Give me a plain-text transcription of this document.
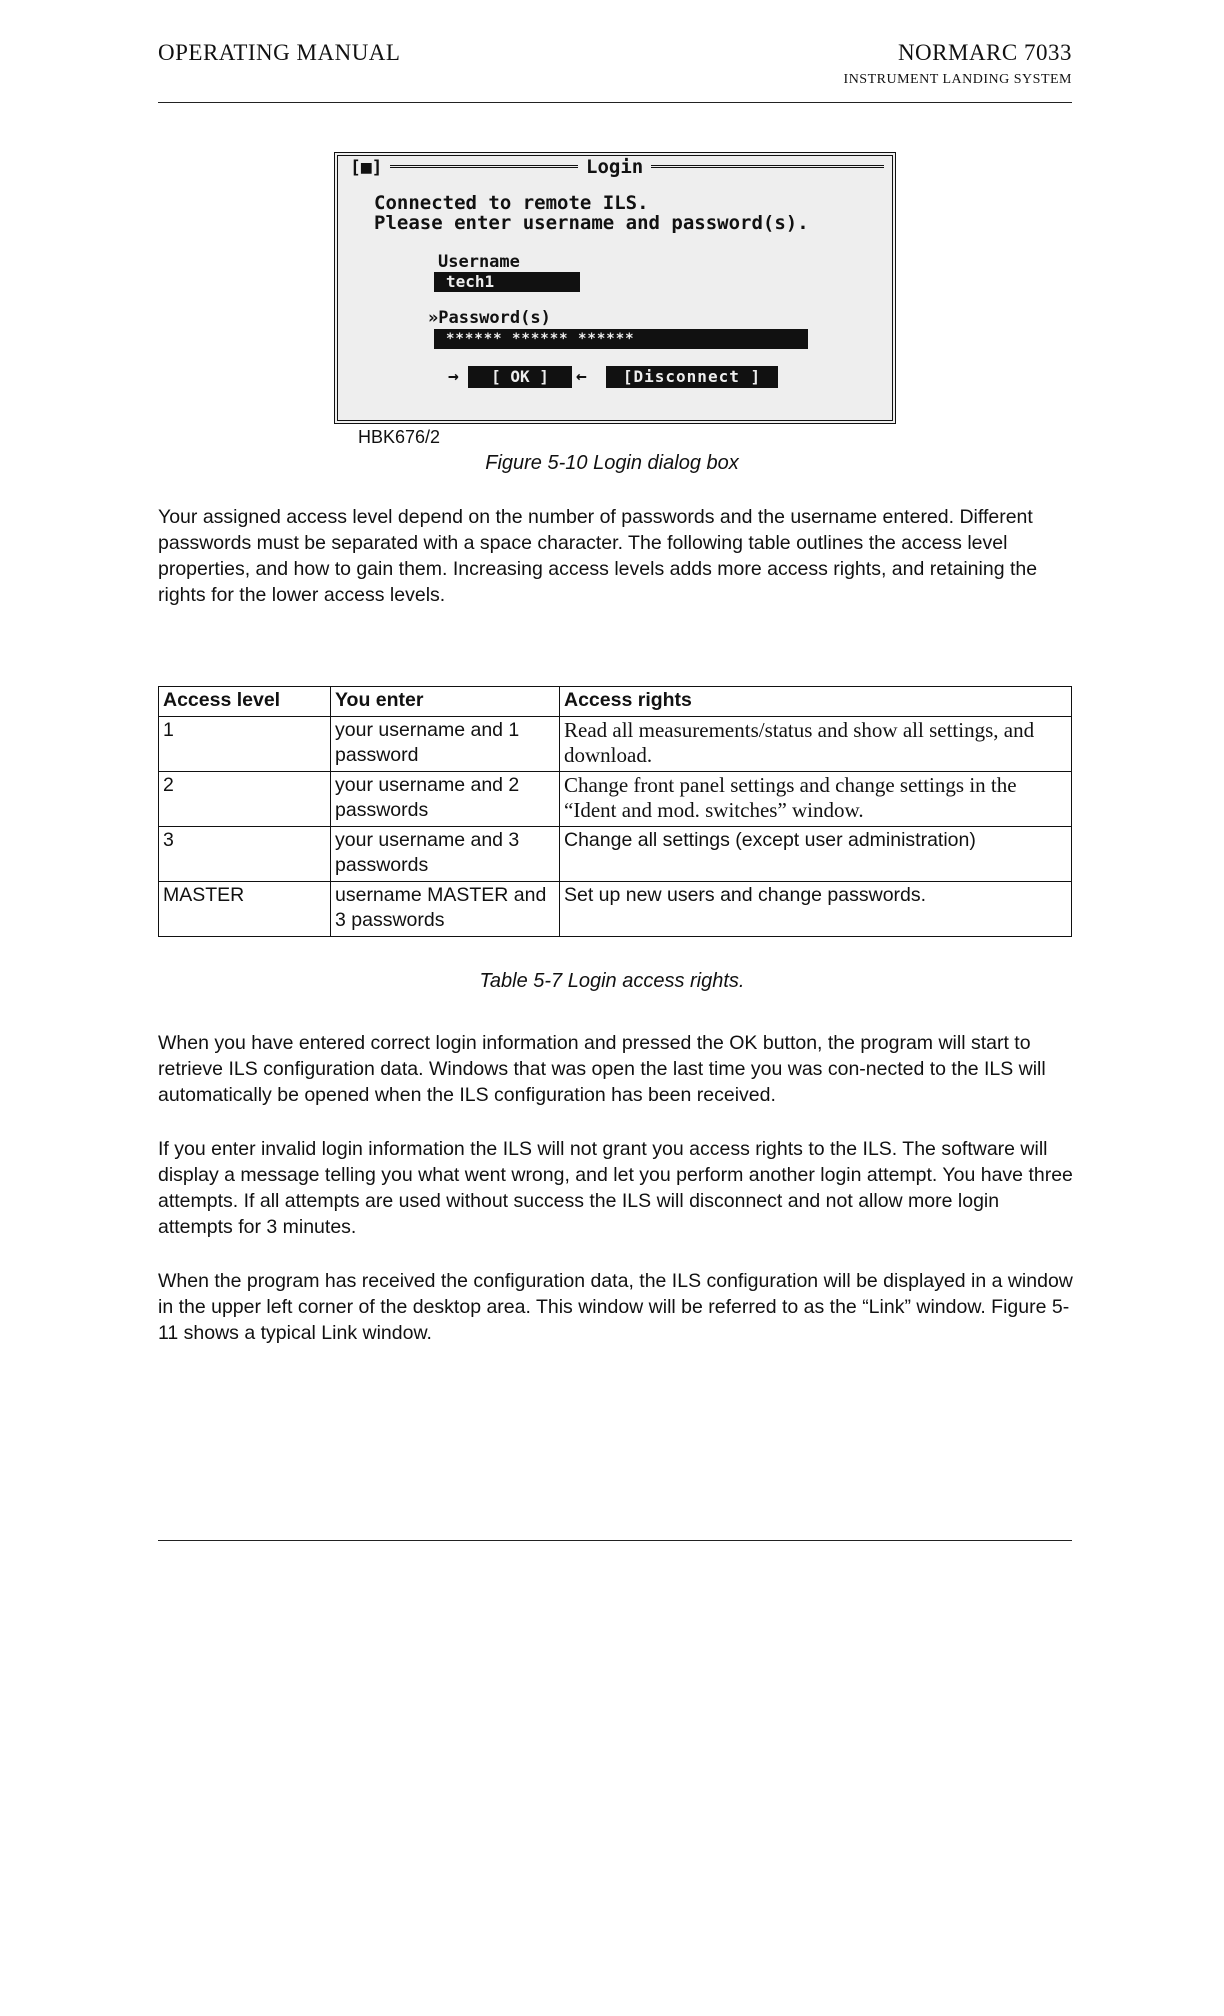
OPERATING MANUAL	NORMARC 7033
INSTRUMENT LANDING SYSTEM
[■]	Login
Connected to remote ILS.
Please enter username and password(s).
Username
tech1
»Password(s)
****** ****** ******
→	[ OK ]	←	[Disconnect ]
HBK676/2
Figure 5-10 Login dialog box

Your assigned access level depend on the number of passwords and the username entered. Different passwords must be separated with a space character. The following table outlines the access level properties, and how to gain them. Increasing access levels adds more access rights, and retaining the rights for the lower access levels.

Access level	You enter	Access rights
1	your username and 1 password	Read all measurements/status and show all settings, and download.
2	your username and 2 passwords	Change front panel settings and change settings in the “Ident and mod. switches” window.
3	your username and 3 passwords	Change all settings (except user administration)
MASTER	username MASTER and 3 passwords	Set up new users and change passwords.
Table 5-7 Login access rights.

When you have entered correct login information and pressed the OK button, the program will start to retrieve ILS configuration data. Windows that was open the last time you was con-nected to the ILS will automatically be opened when the ILS configuration has been received.

If you enter invalid login information the ILS will not grant you access rights to the ILS. The software will display a message telling you what went wrong, and let you perform another login attempt. You have three attempts. If all attempts are used without success the ILS will disconnect and not allow more login attempts for 3 minutes.

When the program has received the configuration data, the ILS configuration will be displayed in a window in the upper left corner of the desktop area. This window will be referred to as the “Link” window. Figure 5-11 shows a typical Link window.
